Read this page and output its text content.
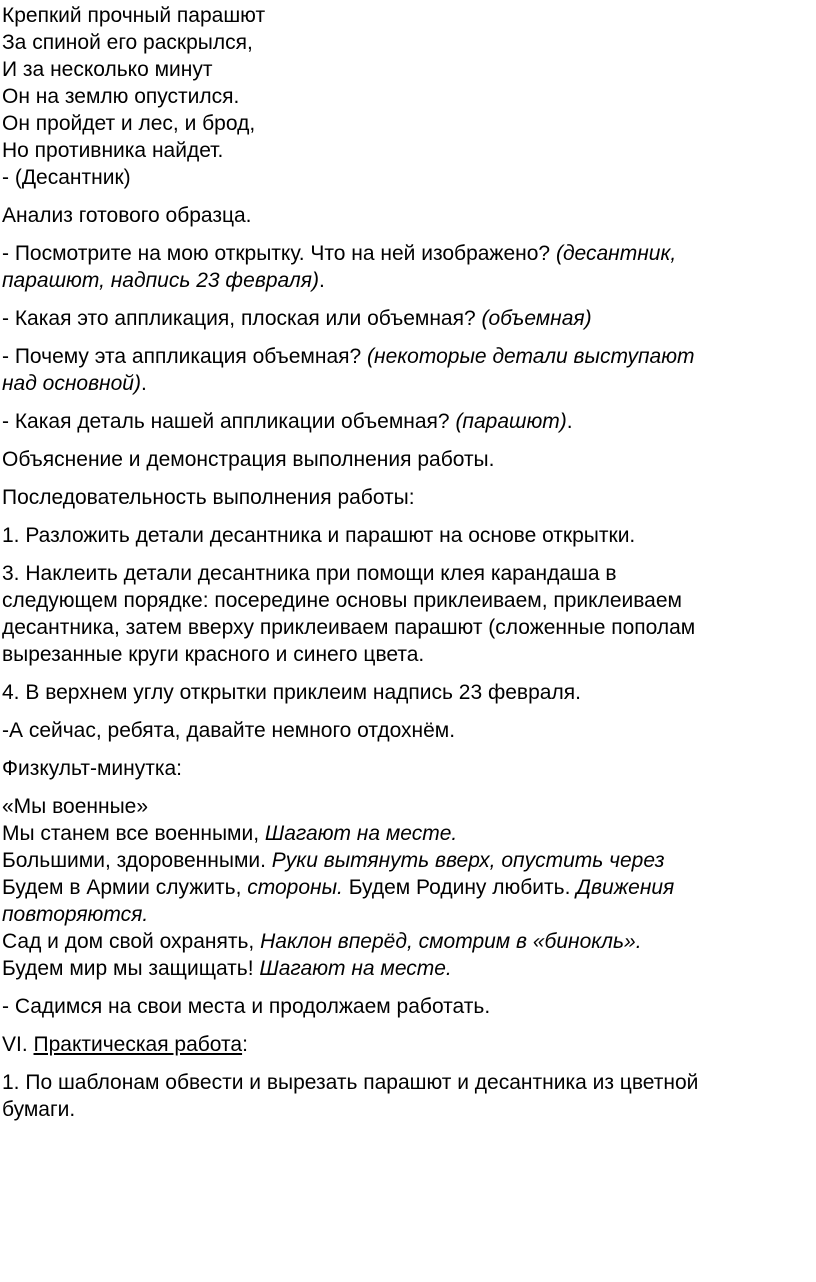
Крепкий прочный парашют
За спиной его раскрылся,
И за несколько минут
Он на землю опустился.
Он пройдет и лес, и брод,
Но противника найдет.
- (Десантник)
Анализ готового образца.
- Посмотрите на мою открытку. Что на ней изображено? (десантник,
парашют, надпись 23 февраля).
- Какая это аппликация, плоская или объемная? (объемная)
- Почему эта аппликация объемная? (некоторые детали выступают
над основной).
- Какая деталь нашей аппликации объемная? (парашют).
Объяснение и демонстрация выполнения работы.
Последовательность выполнения работы:
1. Разложить детали десантника и парашют на основе открытки.
3. Наклеить детали десантника при помощи клея карандаша в
следующем порядке: посередине основы приклеиваем, приклеиваем
десантника, затем вверху приклеиваем парашют (сложенные пополам
вырезанные круги красного и синего цвета.
4. В верхнем углу открытки приклеим надпись 23 февраля.
-А сейчас, ребята, давайте немного отдохнём.
Физкульт-минутка:
«Мы военные»
Мы станем все военными, Шагают на месте.
Большими, здоровенными. Руки вытянуть вверх, опустить через
Будем в Армии служить, стороны. Будем Родину любить. Движения
повторяются.
Сад и дом свой охранять, Наклон вперёд, смотрим в «бинокль».
Будем мир мы защищать! Шагают на месте.
- Садимся на свои места и продолжаем работать.
VI. Практическая работа:
1. По шаблонам обвести и вырезать парашют и десантника из цветной
бумаги.
